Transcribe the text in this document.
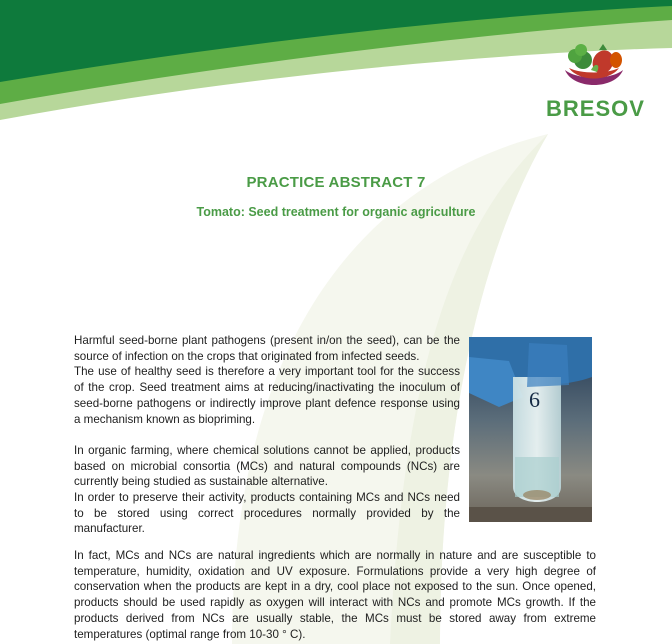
BRESOV
PRACTICE ABSTRACT 7
Tomato: Seed treatment for organic agriculture

Harmful seed-borne plant pathogens (present in/on the seed), can be the source of infection on the crops that originated from infected seeds.

The use of healthy seed is therefore a very important tool for the success of the crop. Seed treatment aims at reducing/inactivating the inoculum of seed-borne pathogens or indirectly improve plant defence response using a mechanism known as biopriming.

In organic farming, where chemical solutions cannot be applied, products based on microbial consortia (MCs) and natural compounds (NCs) are currently being studied as sustainable alternative.

In order to preserve their activity, products containing MCs and NCs need to be stored using correct procedures normally provided by the manufacturer.

6

In fact, MCs and NCs are natural ingredients which are normally in nature and are susceptible to temperature, humidity, oxidation and UV exposure. Formulations provide a very high degree of conservation when the products are kept in a dry, cool place not exposed to the sun. Once opened, products should be used rapidly as oxygen will interact with NCs and promote MCs growth. If the products derived from NCs are usually stable, the MCs must be stored away from extreme temperatures (optimal range from 10-30 ° C).
